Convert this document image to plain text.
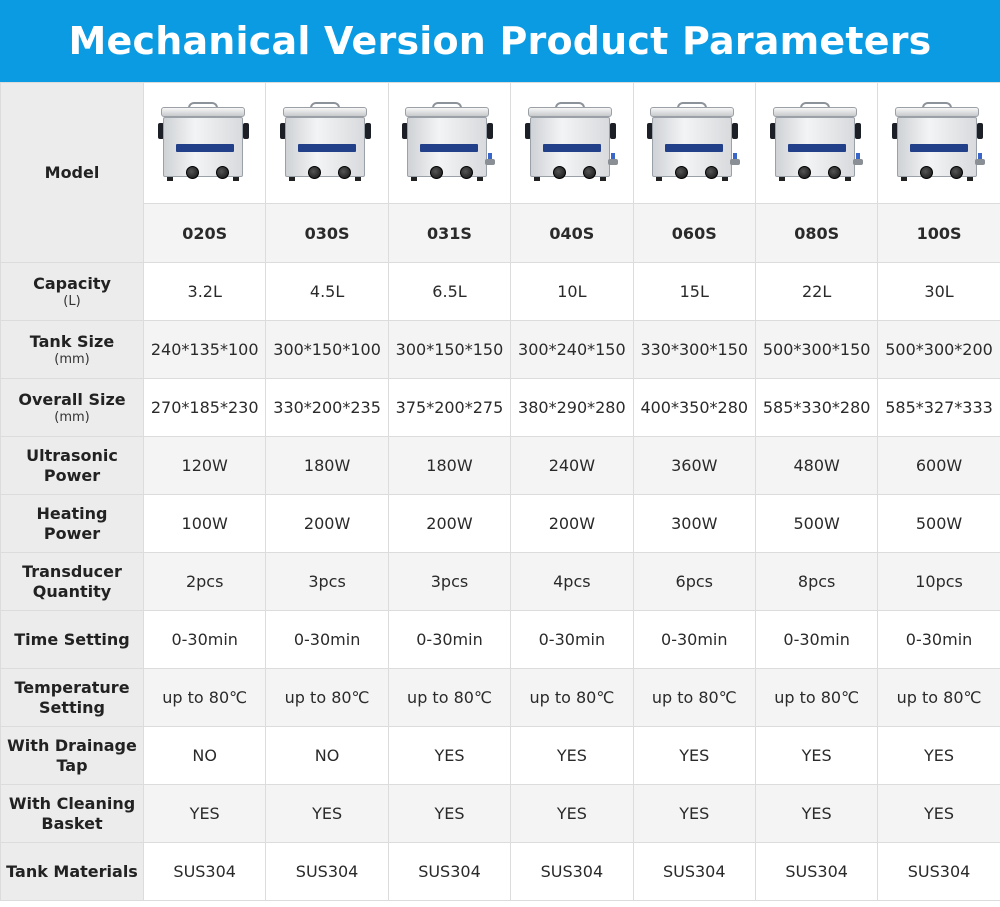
Mechanical Version Product Parameters
Model							

	020S	030S	031S	040S	060S	080S	100S

Capacity
(L)	3.2L	4.5L	6.5L	10L	15L	22L	30L

Tank Size
(mm)	240*135*100	300*150*100	300*150*150	300*240*150	330*300*150	500*300*150	500*300*200

Overall Size
(mm)	270*185*230	330*200*235	375*200*275	380*290*280	400*350*280	585*330*280	585*327*333

Ultrasonic
Power	120W	180W	180W	240W	360W	480W	600W

Heating
Power	100W	200W	200W	200W	300W	500W	500W

Transducer
Quantity	2pcs	3pcs	3pcs	4pcs	6pcs	8pcs	10pcs

Time Setting	0-30min	0-30min	0-30min	0-30min	0-30min	0-30min	0-30min

Temperature
Setting	up to 80℃	up to 80℃	up to 80℃	up to 80℃	up to 80℃	up to 80℃	up to 80℃

With Drainage
Tap	NO	NO	YES	YES	YES	YES	YES

With Cleaning
Basket	YES	YES	YES	YES	YES	YES	YES

Tank Materials	SUS304	SUS304	SUS304	SUS304	SUS304	SUS304	SUS304
